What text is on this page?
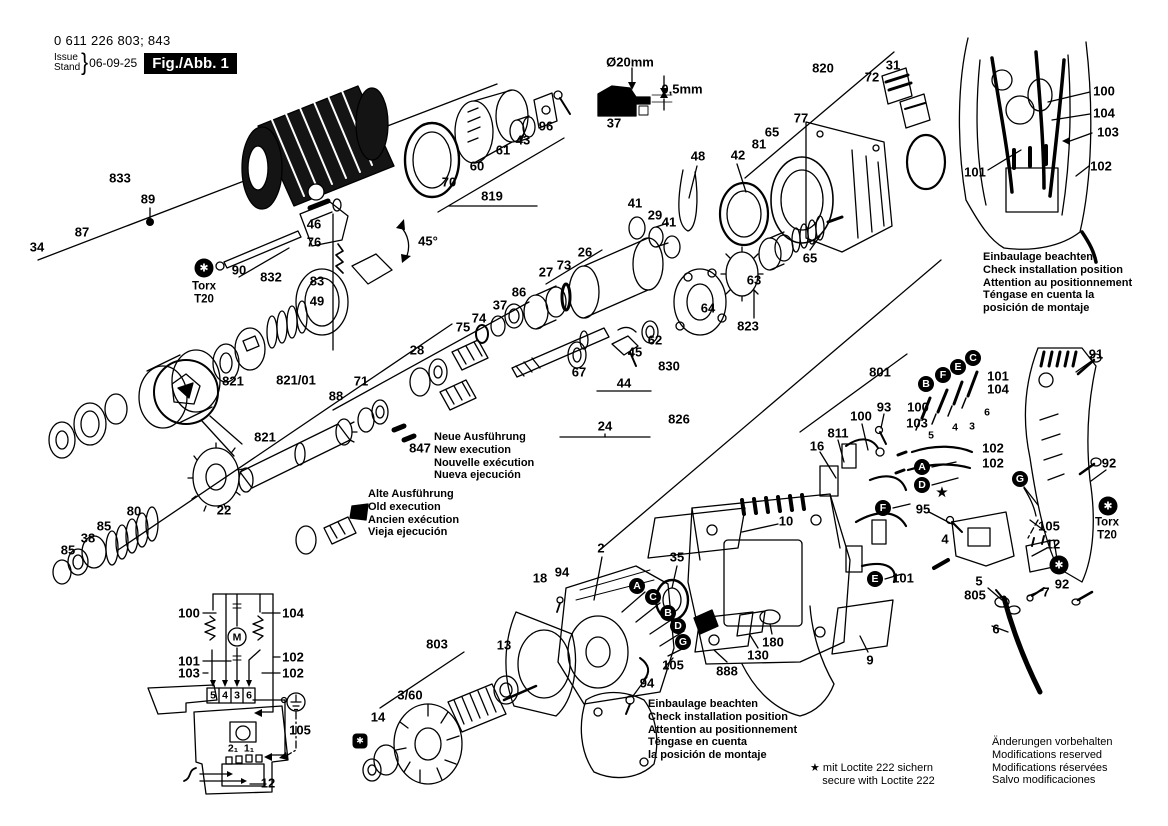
0 611 226 803; 843
Issue
Stand } 06-09-25	Fig./Abb. 1
833
89
87
34
90 832
46
76
83
49
45°
70
60
61
43
96
819
Ø20mm
0,5mm
37
26
73
27
86
37
74
75
28
71
88
821/01
821
821
22
80
85
38
85
847
41
29 41
48 42
81
65
77
820
72
31
65
62
45
44
67
24
830
64
63
823
826
801
93
100
811
16
10
2
35
18 94
13
803
3/60
14
888
130
180
9
94
105
95
4
102
102
101
100
103
5
4 3
6
101
104
91
92
Torx
T20
105
12
92
7
5
805
6
101
100
104
103
102
Torx
T20
100	104
101
103
102
102
105
12
M
5 4 3 6
2₁ 1₁
★
B
F
E
C
A
D
F
E
A
C
B
D
G
G
✱
✱
✱
✱
Neue Ausführung
New execution
Nouvelle exécution
Nueva ejecución
Alte Ausführung
Old execution
Ancien exécution
Vieja ejecución
Einbaulage beachten
Check installation position
Attention au positionnement
Téngase en cuenta la
posición de montaje
Einbaulage beachten
Check installation position
Attention au positionnement
Téngase en cuenta
la posición de montaje
★ mit Loctite 222 sichern
secure with Loctite 222
Änderungen vorbehalten
Modifications reserved
Modifications réservées
Salvo modificaciones
